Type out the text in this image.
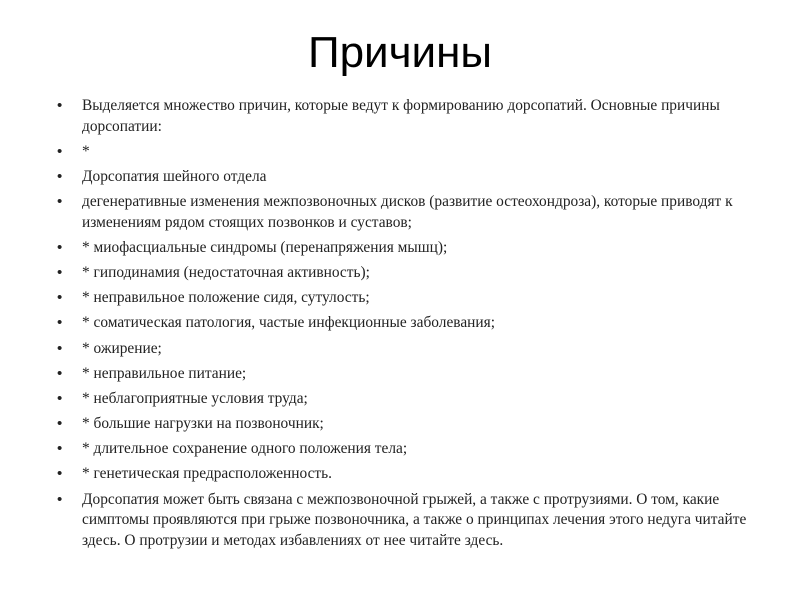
Причины
• Выделяется множество причин, которые ведут к формированию дорсопатий. Основные причины дорсопатии:
• *
• Дорсопатия шейного отдела
• дегенеративные изменения межпозвоночных дисков (развитие остеохондроза), которые приводят к изменениям рядом стоящих позвонков и суставов;
• * миофасциальные синдромы (перенапряжения мышц);
• * гиподинамия (недостаточная активность);
• * неправильное положение сидя, сутулость;
• * соматическая патология, частые инфекционные заболевания;
• * ожирение;
• * неправильное питание;
• * неблагоприятные условия труда;
• * большие нагрузки на позвоночник;
• * длительное сохранение одного положения тела;
• * генетическая предрасположенность.
• Дорсопатия может быть связана с межпозвоночной грыжей, а также с протрузиями. О том, какие симптомы проявляются при грыже позвоночника, а также о принципах лечения этого недуга читайте здесь. О протрузии и методах избавлениях от нее читайте здесь.
